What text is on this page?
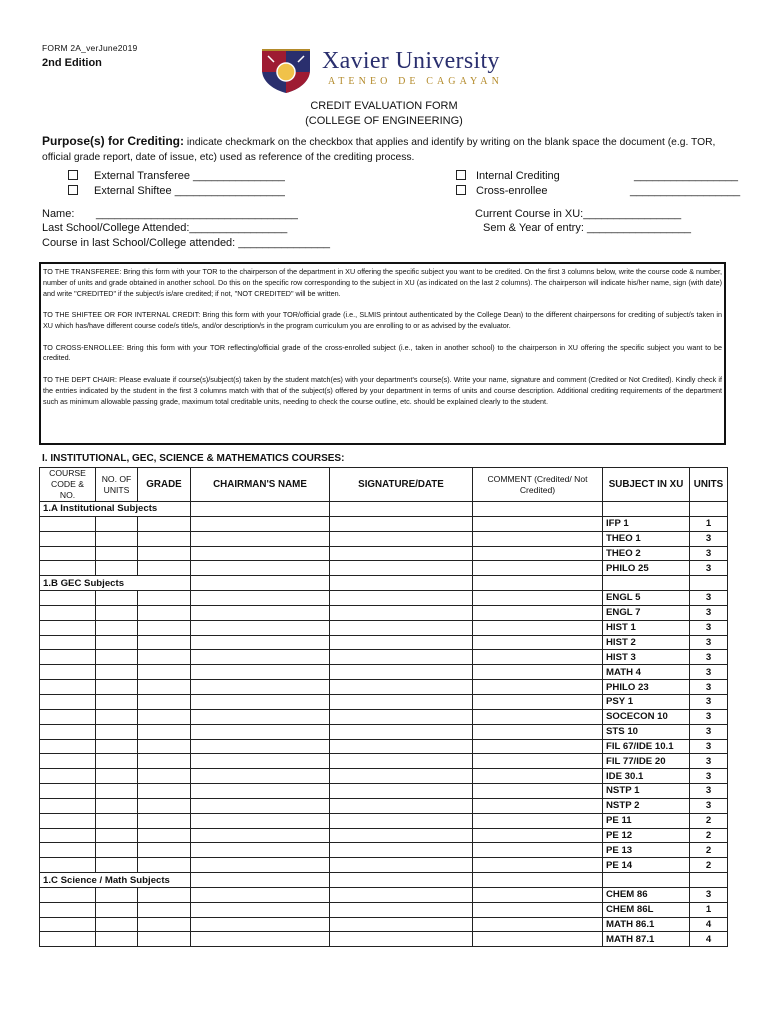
FORM 2A_verJune2019
2nd Edition	Xavier University
ATENEO DE CAGAYAN
CREDIT EVALUATION FORM
(COLLEGE OF ENGINEERING)
Purpose(s) for Crediting: indicate checkmark on the checkbox that applies and identify by writing on the blank space the document (e.g. TOR, official grade report, date of issue, etc) used as reference of the crediting process.
External Transferee _______________
External Shiftee __________________
Internal Crediting	_________________
Cross-enrollee	__________________
Name: _________________________________
Last School/College Attended:________________
Course in last School/College attended: _______________
Current Course in XU:________________
Sem & Year of entry: _________________

TO THE TRANSFEREE: Bring this form with your TOR to the chairperson of the department in XU offering the specific subject you want to be credited. On the first 3 columns below, write the course code & number, number of units and grade obtained in another school. Do this on the specific row corresponding to the subject in XU (as indicated on the last 2 columns). The chairperson will indicate his/her name, sign (with date) and write "CREDITED" if the subject/s is/are credited; if not, "NOT CREDITED" will be written.

TO THE SHIFTEE OR FOR INTERNAL CREDIT: Bring this form with your TOR/official grade (i.e., SLMIS printout authenticated by the College Dean) to the different chairpersons for crediting of subject/s taken in XU which has/have different course code/s title/s, and/or description/s in the program curriculum you are enrolling to or as advised by the evaluator.

TO CROSS-ENROLLEE: Bring this form with your TOR reflecting/official grade of the cross-enrolled subject (i.e., taken in another school) to the chairperson in XU offering the specific subject you want to be credited.

TO THE DEPT CHAIR: Please evaluate if course(s)/subject(s) taken by the student match(es) with your department's course(s). Write your name, signature and comment (Credited or Not Credited). Kindly check if the entries indicated by the student in the first 3 columns match with that of the subject(s) offered by your department in terms of units and course description. Additional crediting requirements of the department such as minimum allowable passing grade, maximum total creditable units, needing to check the course outline, etc. should be explained clearly to the student.

I. INSTITUTIONAL, GEC, SCIENCE & MATHEMATICS COURSES:
COURSE CODE & NO.	NO. OF UNITS	GRADE	CHAIRMAN'S NAME	SIGNATURE/DATE	COMMENT (Credited/ Not Credited)	SUBJECT IN XU	UNITS
1.A Institutional Subjects							
						IFP 1	1
						THEO 1	3
						THEO 2	3
						PHILO 25	3
1.B GEC Subjects							
						ENGL 5	3
						ENGL 7	3
						HIST 1	3
						HIST 2	3
						HIST 3	3
						MATH 4	3
						PHILO 23	3
						PSY 1	3
						SOCECON 10	3
						STS 10	3
						FIL 67/IDE 10.1	3
						FIL 77/IDE 20	3
						IDE 30.1	3
						NSTP 1	3
						NSTP 2	3
						PE 11	2
						PE 12	2
						PE 13	2
						PE 14	2
1.C Science / Math Subjects							
						CHEM 86	3
						CHEM 86L	1
						MATH 86.1	4
						MATH 87.1	4
